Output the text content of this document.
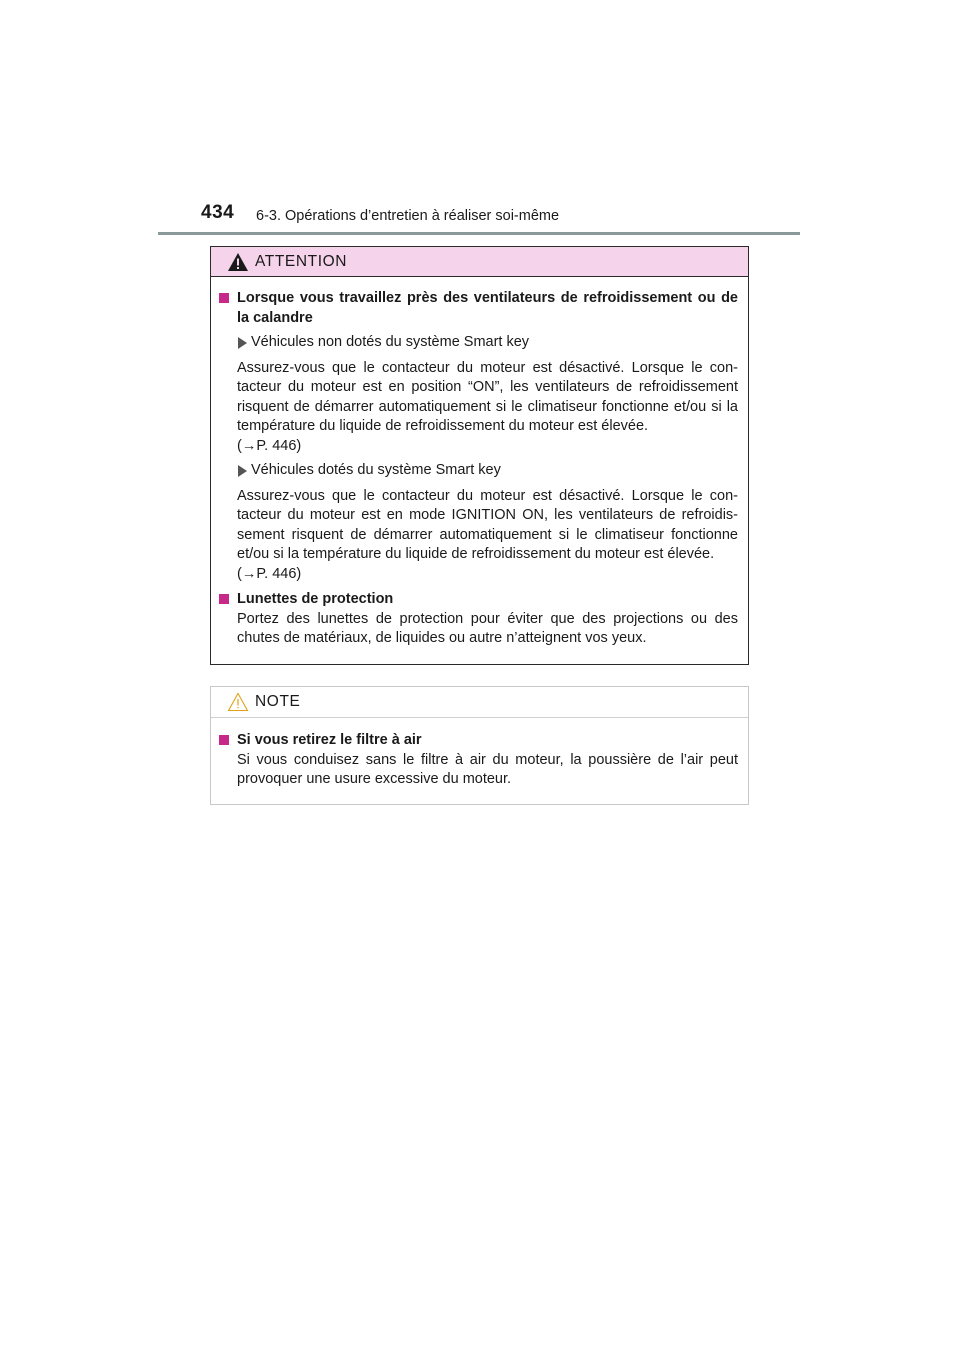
434 6-3. Opérations d’entretien à réaliser soi-même
ATTENTION
Lorsque vous travaillez près des ventilateurs de refroidissement ou de la calandre
Véhicules non dotés du système Smart key
Assurez-vous que le contacteur du moteur est désactivé. Lorsque le con-tacteur du moteur est en position “ON”, les ventilateurs de refroidissement risquent de démarrer automatiquement si le climatiseur fonctionne et/ou si la température du liquide de refroidissement du moteur est élevée.
(→P. 446)
Véhicules dotés du système Smart key
Assurez-vous que le contacteur du moteur est désactivé. Lorsque le con-tacteur du moteur est en mode IGNITION ON, les ventilateurs de refroidis-sement risquent de démarrer automatiquement si le climatiseur fonctionne et/ou si la température du liquide de refroidissement du moteur est élevée.
(→P. 446)
Lunettes de protection
Portez des lunettes de protection pour éviter que des projections ou des chutes de matériaux, de liquides ou autre n’atteignent vos yeux.
NOTE
Si vous retirez le filtre à air
Si vous conduisez sans le filtre à air du moteur, la poussière de l’air peut provoquer une usure excessive du moteur.
